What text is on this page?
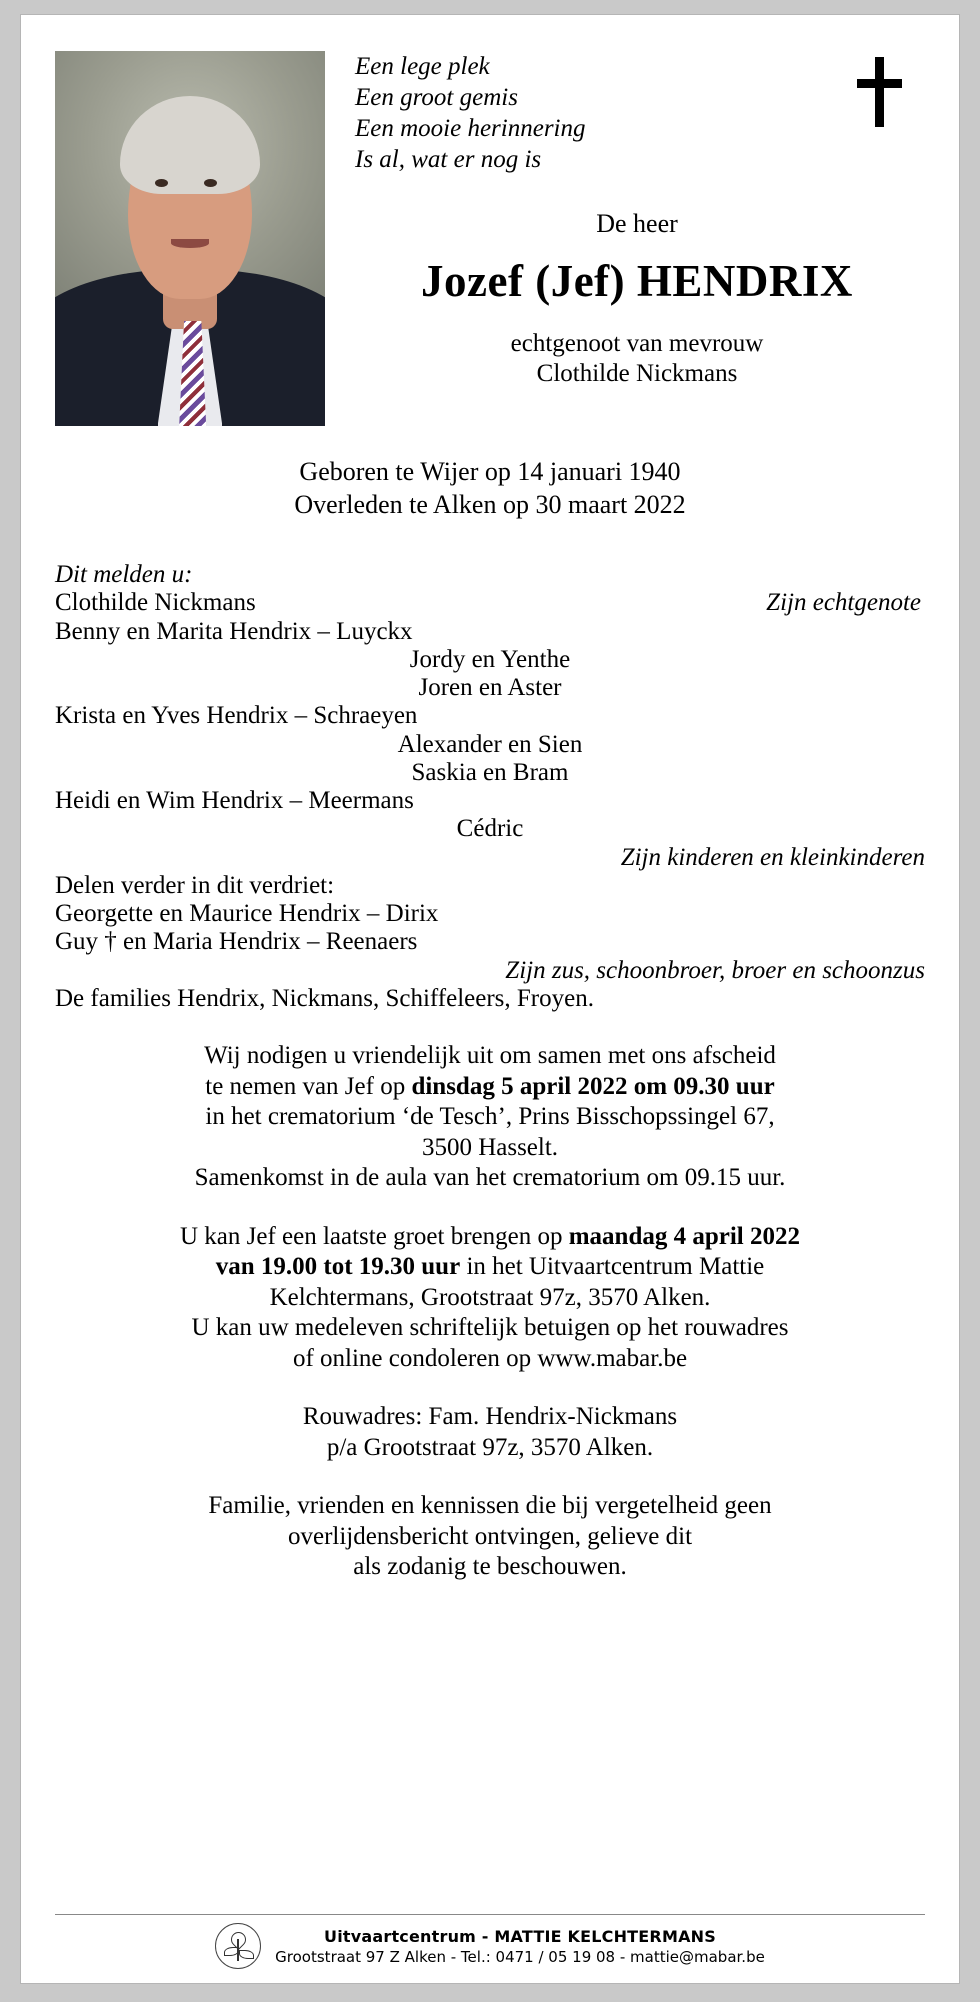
Een lege plek
Een groot gemis
Een mooie herinnering
Is al, wat er nog is
De heer
Jozef (Jef) HENDRIX
echtgenoot van mevrouw
Clothilde Nickmans
Geboren te Wijer op 14 januari 1940
Overleden te Alken op 30 maart 2022
Dit melden u:
Clothilde Nickmans	Zijn echtgenote
Benny en Marita Hendrix – Luyckx
Jordy en Yenthe
Joren en Aster
Krista en Yves Hendrix – Schraeyen
Alexander en Sien
Saskia en Bram
Heidi en Wim Hendrix – Meermans
Cédric
Zijn kinderen en kleinkinderen
Delen verder in dit verdriet:
Georgette en Maurice Hendrix – Dirix
Guy † en Maria Hendrix – Reenaers
Zijn zus, schoonbroer, broer en schoonzus
De families Hendrix, Nickmans, Schiffeleers, Froyen.
Wij nodigen u vriendelijk uit om samen met ons afscheid
te nemen van Jef op dinsdag 5 april 2022 om 09.30 uur
in het crematorium ‘de Tesch’, Prins Bisschopssingel 67,
3500 Hasselt.
Samenkomst in de aula van het crematorium om 09.15 uur.
U kan Jef een laatste groet brengen op maandag 4 april 2022
van 19.00 tot 19.30 uur in het Uitvaartcentrum Mattie
Kelchtermans, Grootstraat 97z, 3570 Alken.
U kan uw medeleven schriftelijk betuigen op het rouwadres
of online condoleren op www.mabar.be
Rouwadres: Fam. Hendrix-Nickmans
p/a Grootstraat 97z, 3570 Alken.
Familie, vrienden en kennissen die bij vergetelheid geen
overlijdensbericht ontvingen, gelieve dit
als zodanig te beschouwen.
Uitvaartcentrum - MATTIE KELCHTERMANS
Grootstraat 97 Z Alken - Tel.: 0471 / 05 19 08 - mattie@mabar.be
